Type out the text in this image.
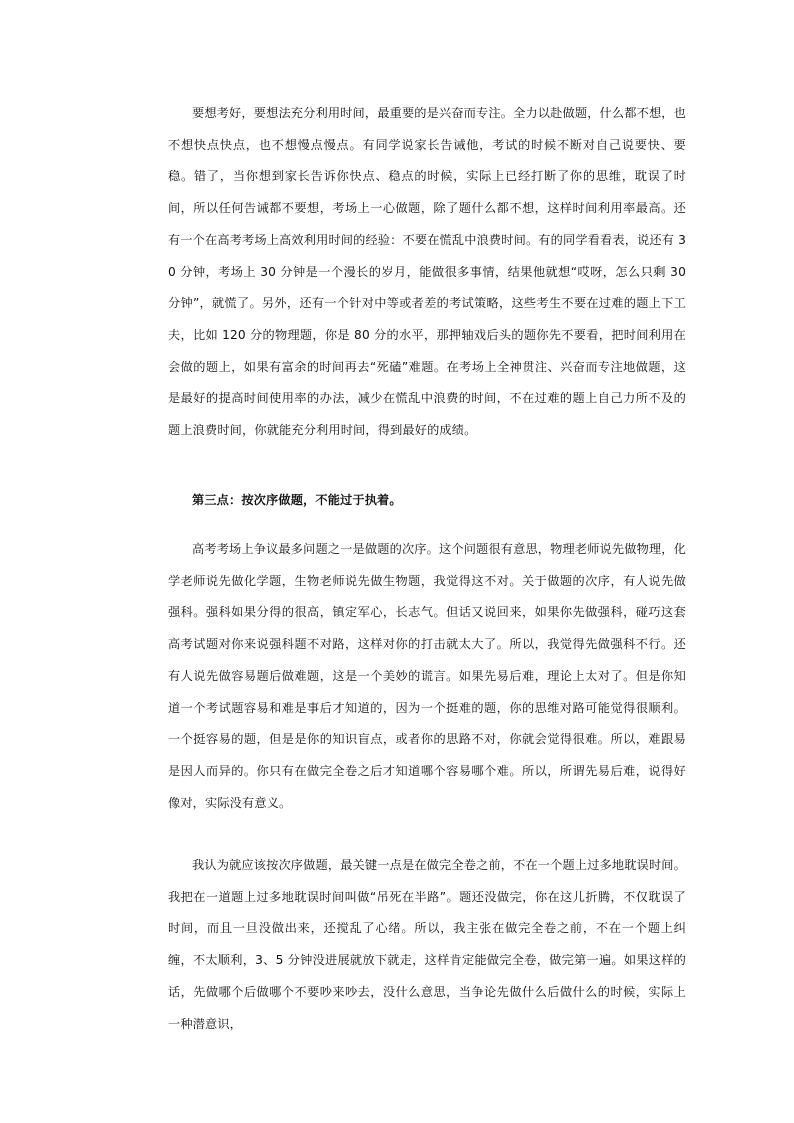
要想考好，要想法充分利用时间，最重要的是兴奋而专注。全力以赴做题，什么都不想，也不想快点快点，也不想慢点慢点。有同学说家长告诫他，考试的时候不断对自己说要快、要稳。错了，当你想到家长告诉你快点、稳点的时候，实际上已经打断了你的思维，耽误了时间，所以任何告诫都不要想，考场上一心做题，除了题什么都不想，这样时间利用率最高。还有一个在高考考场上高效利用时间的经验：不要在慌乱中浪费时间。有的同学看看表，说还有 30 分钟，考场上 30 分钟是一个漫长的岁月，能做很多事情，结果他就想“哎呀，怎么只剩 30 分钟”，就慌了。另外，还有一个针对中等或者差的考试策略，这些考生不要在过难的题上下工夫，比如 120 分的物理题，你是 80 分的水平，那押轴戏后头的题你先不要看，把时间利用在会做的题上，如果有富余的时间再去“死磕”难题。在考场上全神贯注、兴奋而专注地做题，这是最好的提高时间使用率的办法，减少在慌乱中浪费的时间，不在过难的题上自己力所不及的题上浪费时间，你就能充分利用时间，得到最好的成绩。

第三点：按次序做题，不能过于执着。

高考考场上争议最多问题之一是做题的次序。这个问题很有意思，物理老师说先做物理，化学老师说先做化学题，生物老师说先做生物题，我觉得这不对。关于做题的次序，有人说先做强科。强科如果分得的很高，镇定军心，长志气。但话又说回来，如果你先做强科，碰巧这套高考试题对你来说强科题不对路，这样对你的打击就太大了。所以，我觉得先做强科不行。还有人说先做容易题后做难题，这是一个美妙的谎言。如果先易后难，理论上太对了。但是你知道一个考试题容易和难是事后才知道的，因为一个挺难的题，你的思维对路可能觉得很顺利。一个挺容易的题，但是是你的知识盲点，或者你的思路不对，你就会觉得很难。所以，难跟易是因人而异的。你只有在做完全卷之后才知道哪个容易哪个难。所以，所谓先易后难，说得好像对，实际没有意义。

我认为就应该按次序做题，最关键一点是在做完全卷之前，不在一个题上过多地耽误时间。我把在一道题上过多地耽误时间叫做“吊死在半路”。题还没做完，你在这儿折腾，不仅耽误了时间，而且一旦没做出来，还搅乱了心绪。所以，我主张在做完全卷之前，不在一个题上纠缠，不太顺利，3、5 分钟没进展就放下就走，这样肯定能做完全卷，做完第一遍。如果这样的话，先做哪个后做哪个不要吵来吵去，没什么意思，当争论先做什么后做什么的时候，实际上一种潜意识，
